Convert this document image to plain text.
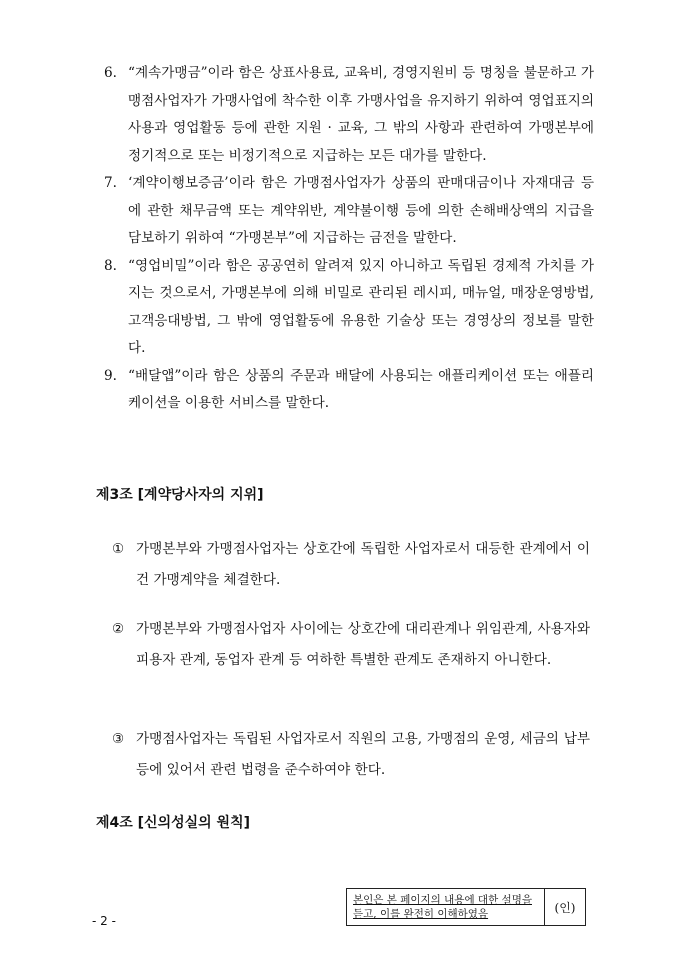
6. “계속가맹금”이라 함은 상표사용료, 교육비, 경영지원비 등 명칭을 불문하고 가맹점사업자가 가맹사업에 착수한 이후 가맹사업을 유지하기 위하여 영업표지의 사용과 영업활동 등에 관한 지원 · 교육, 그 밖의 사항과 관련하여 가맹본부에 정기적으로 또는 비정기적으로 지급하는 모든 대가를 말한다.
7. ‘계약이행보증금’이라 함은 가맹점사업자가 상품의 판매대금이나 자재대금 등에 관한 채무금액 또는 계약위반, 계약불이행 등에 의한 손해배상액의 지급을 담보하기 위하여 “가맹본부”에 지급하는 금전을 말한다.
8. “영업비밀”이라 함은 공공연히 알려져 있지 아니하고 독립된 경제적 가치를 가지는 것으로서, 가맹본부에 의해 비밀로 관리된 레시피, 매뉴얼, 매장운영방법, 고객응대방법, 그 밖에 영업활동에 유용한 기술상 또는 경영상의 정보를 말한다.
9. “배달앱”이라 함은 상품의 주문과 배달에 사용되는 애플리케이션 또는 애플리케이션을 이용한 서비스를 말한다.
제3조 [계약당사자의 지위]
① 가맹본부와 가맹점사업자는 상호간에 독립한 사업자로서 대등한 관계에서 이 건 가맹계약을 체결한다.
② 가맹본부와 가맹점사업자 사이에는 상호간에 대리관계나 위임관계, 사용자와 피용자 관계, 동업자 관계 등 여하한 특별한 관계도 존재하지 아니한다.
③ 가맹점사업자는 독립된 사업자로서 직원의 고용, 가맹점의 운영, 세금의 납부 등에 있어서 관련 법령을 준수하여야 한다.
제4조 [신의성실의 원칙]
- 2 -
본인은 본 페이지의 내용에 대한 설명을 듣고, 이를 완전히 이해하였음	(인)
